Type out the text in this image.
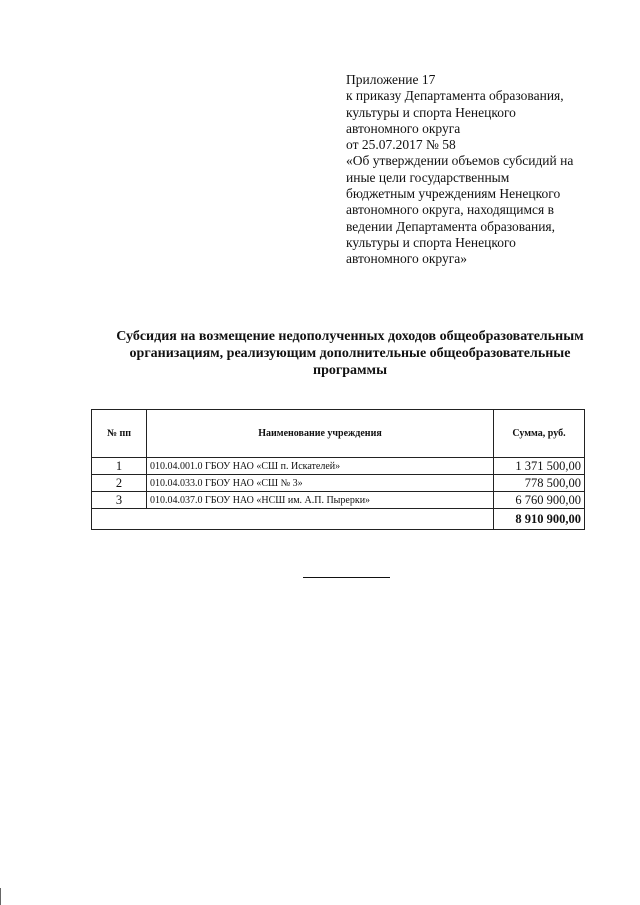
Приложение 17
к приказу Департамента образования,
культуры и спорта Ненецкого
автономного округа
от 25.07.2017 № 58
«Об утверждении объемов субсидий на
иные цели государственным
бюджетным учреждениям Ненецкого
автономного округа, находящимся в
ведении Департамента образования,
культуры и спорта Ненецкого
автономного округа»
Субсидия на возмещение недополученных доходов общеобразовательным
организациям, реализующим дополнительные общеобразовательные
программы
№ пп	Наименование учреждения	Сумма, руб.
1	010.04.001.0 ГБОУ НАО «СШ п. Искателей»	1 371 500,00
2	010.04.033.0 ГБОУ НАО «СШ № 3»	778 500,00
3	010.04.037.0 ГБОУ НАО «НСШ им. А.П. Пырерки»	6 760 900,00
		8 910 900,00
